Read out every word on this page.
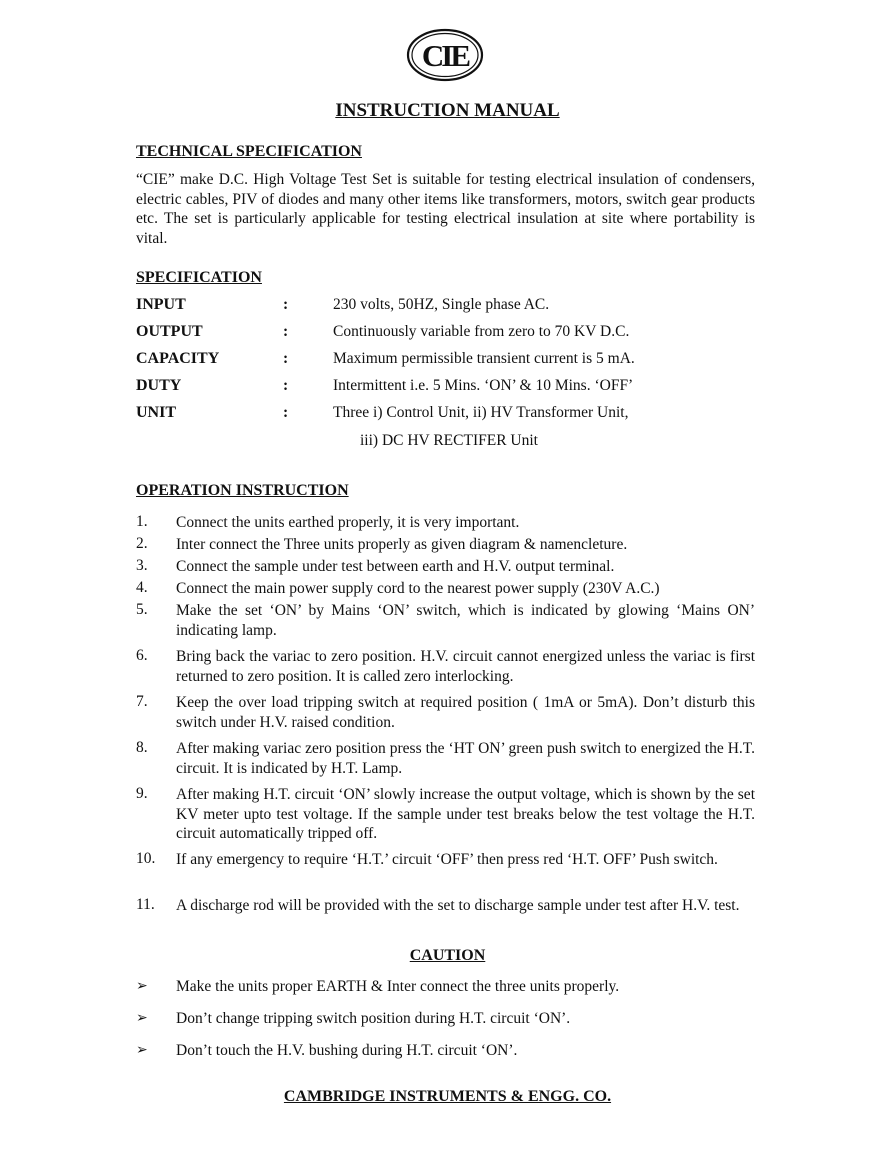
CIE
INSTRUCTION MANUAL
TECHNICAL SPECIFICATION

“CIE” make D.C. High Voltage Test Set is suitable for testing electrical insulation of condensers, electric cables, PIV of diodes and many other items like transformers, motors, switch gear products etc. The set is particularly applicable for testing electrical insulation at site where portability is vital.

SPECIFICATION
INPUT	:	230 volts, 50HZ, Single phase AC.
OUTPUT	:	Continuously variable from zero to 70 KV D.C.
CAPACITY	:	Maximum permissible transient current is 5 mA.
DUTY	:	Intermittent i.e. 5 Mins. ‘ON’ & 10 Mins. ‘OFF’
UNIT	:	Three i) Control Unit, ii) HV Transformer Unit,
iii) DC HV RECTIFER Unit
OPERATION INSTRUCTION
1. Connect the units earthed properly, it is very important.
2. Inter connect the Three units properly as given diagram & namencleture.
3. Connect the sample under test between earth and H.V. output terminal.
4. Connect the main power supply cord to the nearest power supply (230V A.C.)
5. Make the set ‘ON’ by Mains ‘ON’ switch, which is indicated by glowing ‘Mains ON’ indicating lamp.
6. Bring back the variac to zero position. H.V. circuit cannot energized unless the variac is first returned to zero position. It is called zero interlocking.
7. Keep the over load tripping switch at required position ( 1mA or 5mA). Don’t disturb this switch under H.V. raised condition.
8. After making variac zero position press the ‘HT ON’ green push switch to energized the H.T. circuit. It is indicated by H.T. Lamp.
9. After making H.T. circuit ‘ON’ slowly increase the output voltage, which is shown by the set KV meter upto test voltage. If the sample under test breaks below the test voltage the H.T. circuit automatically tripped off.
10. If any emergency to require ‘H.T.’ circuit ‘OFF’ then press red ‘H.T. OFF’ Push switch.
11. A discharge rod will be provided with the set to discharge sample under test after H.V. test.
CAUTION
➢ Make the units proper EARTH & Inter connect the three units properly.
➢ Don’t change tripping switch position during H.T. circuit ‘ON’.
➢ Don’t touch the H.V. bushing during H.T. circuit ‘ON’.
CAMBRIDGE INSTRUMENTS & ENGG. CO.
